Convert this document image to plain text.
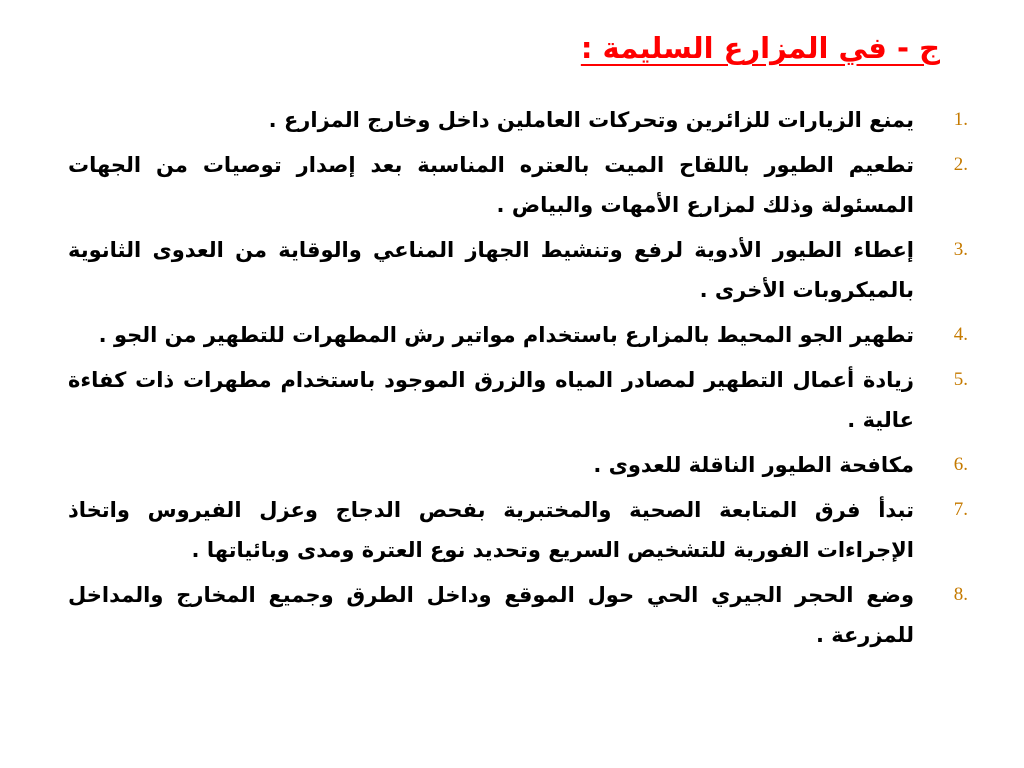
ج - في المزارع السليمة :
1.
يمنع الزيارات للزائرين وتحركات العاملين داخل وخارج المزارع .
2.
تطعيم الطيور باللقاح الميت بالعتره المناسبة بعد إصدار توصيات من الجهات المسئولة وذلك لمزارع الأمهات والبياض .
3.
إعطاء الطيور الأدوية لرفع وتنشيط الجهاز المناعي والوقاية من العدوى الثانوية بالميكروبات الأخرى .
4.
تطهير الجو المحيط بالمزارع باستخدام مواتير رش المطهرات للتطهير من الجو .
5.
زيادة أعمال التطهير لمصادر المياه والزرق الموجود باستخدام مطهرات ذات كفاءة عالية .
6.
مكافحة الطيور الناقلة للعدوى .
7.
تبدأ فرق المتابعة الصحية والمختبرية بفحص الدجاج وعزل الفيروس واتخاذ الإجراءات الفورية للتشخيص السريع وتحديد نوع العترة ومدى وبائياتها .
8.
وضع الحجر الجيري الحي حول الموقع وداخل الطرق وجميع المخارج والمداخل للمزرعة .
